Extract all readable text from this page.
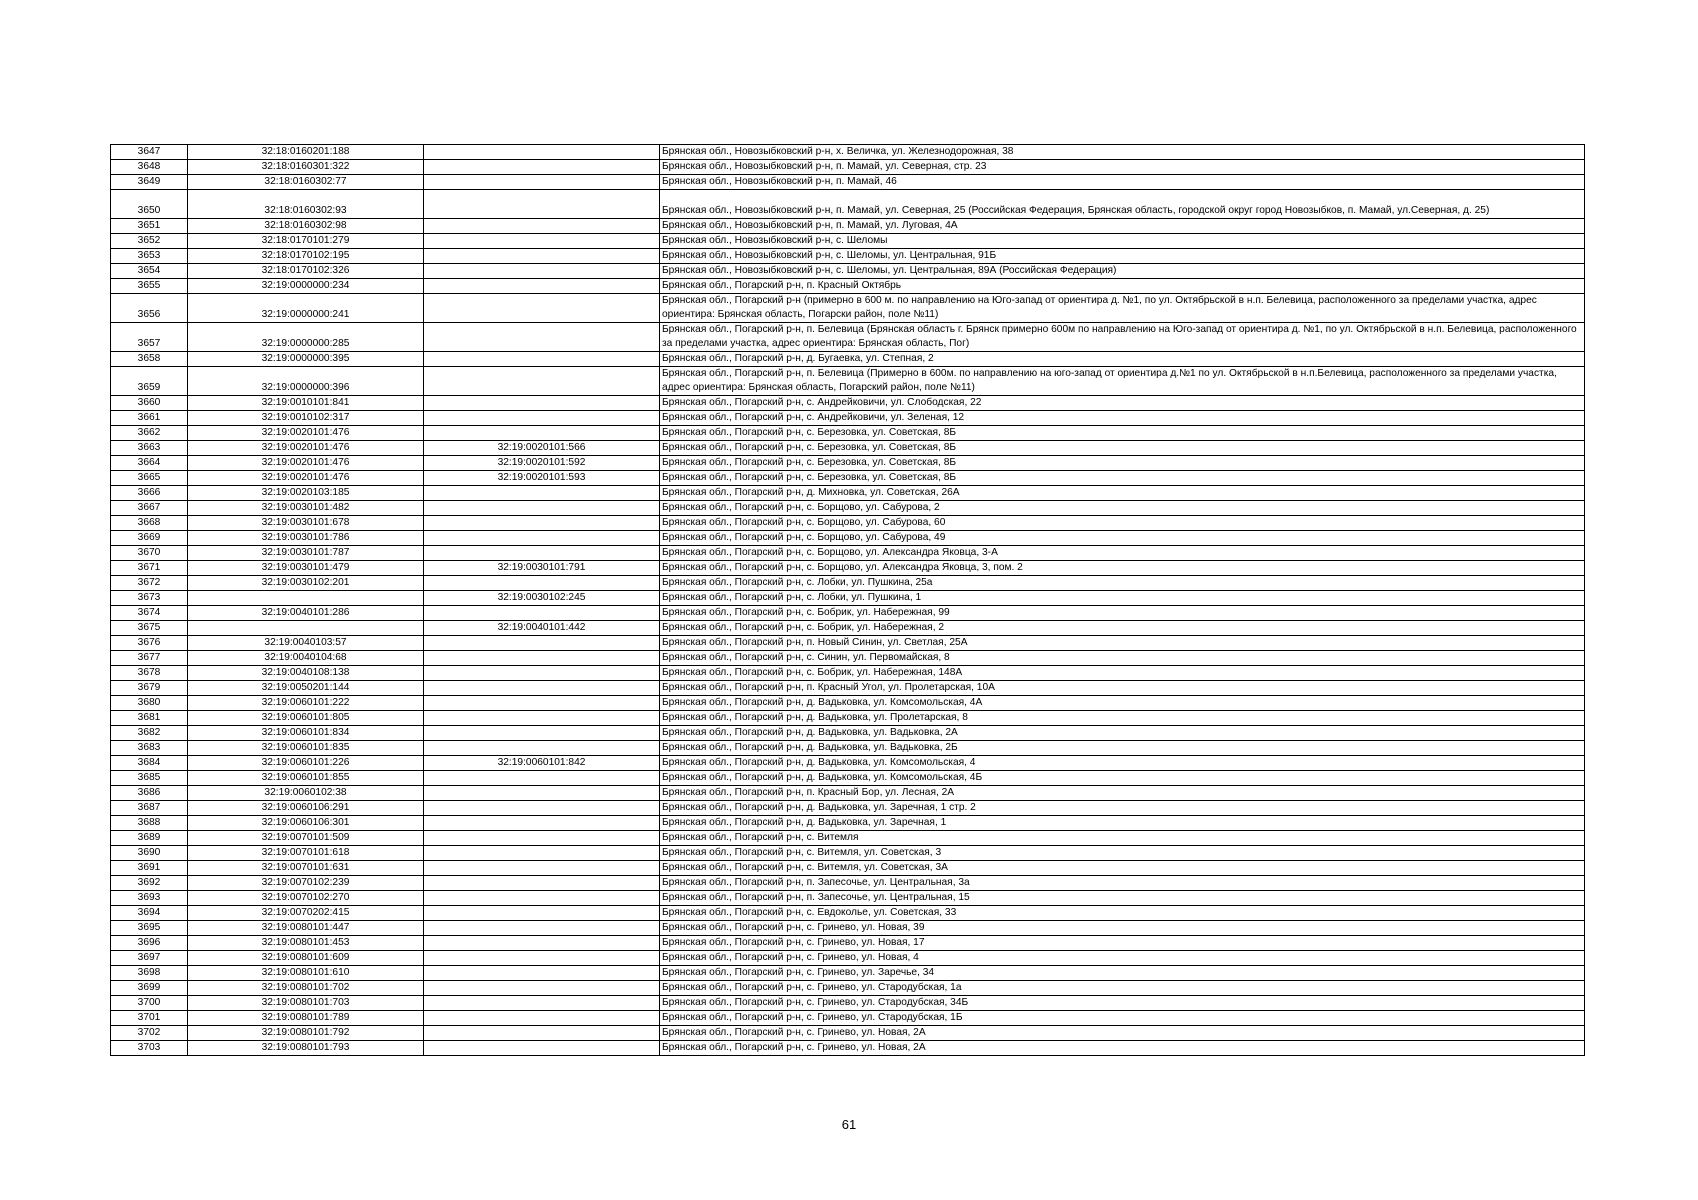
3647	32:18:0160201:188		Брянская обл., Новозыбковский р-н, х. Величка, ул. Железнодорожная, 38
3648	32:18:0160301:322		Брянская обл., Новозыбковский р-н, п. Мамай, ул. Северная, стр. 23
3649	32:18:0160302:77		Брянская обл., Новозыбковский р-н, п. Мамай, 46
3650	32:18:0160302:93		Брянская обл., Новозыбковский р-н, п. Мамай, ул. Северная, 25 (Российская Федерация, Брянская область, городской округ город Новозыбков, п. Мамай, ул.Северная, д. 25)
3651	32:18:0160302:98		Брянская обл., Новозыбковский р-н, п. Мамай, ул. Луговая, 4А
3652	32:18:0170101:279		Брянская обл., Новозыбковский р-н, с. Шеломы
3653	32:18:0170102:195		Брянская обл., Новозыбковский р-н, с. Шеломы, ул. Центральная, 91Б
3654	32:18:0170102:326		Брянская обл., Новозыбковский р-н, с. Шеломы, ул. Центральная, 89А (Российская Федерация)
3655	32:19:0000000:234		Брянская обл., Погарский р-н, п. Красный Октябрь
3656	32:19:0000000:241		Брянская обл., Погарский р-н (примерно в 600 м. по направлению на Юго-запад от ориентира д. №1, по ул. Октябрьской в н.п. Белевица, расположенного за пределами участка, адрес ориентира: Брянская область, Погарски район, поле №11)
3657	32:19:0000000:285		Брянская обл., Погарский р-н, п. Белевица (Брянская область г. Брянск примерно 600м по направлению на Юго-запад от ориентира д. №1, по ул. Октябрьской в н.п. Белевица, расположенного за пределами участка, адрес ориентира: Брянская область, Пог)
3658	32:19:0000000:395		Брянская обл., Погарский р-н, д. Бугаевка, ул. Степная, 2
3659	32:19:0000000:396		Брянская обл., Погарский р-н, п. Белевица (Примерно в 600м. по направлению на юго-запад от ориентира д.№1 по ул. Октябрьской в н.п.Белевица, расположенного за пределами участка, адрес ориентира: Брянская область, Погарский район, поле №11)
3660	32:19:0010101:841		Брянская обл., Погарский р-н, с. Андрейковичи, ул. Слободская, 22
3661	32:19:0010102:317		Брянская обл., Погарский р-н, с. Андрейковичи, ул. Зеленая, 12
3662	32:19:0020101:476		Брянская обл., Погарский р-н, с. Березовка, ул. Советская, 8Б
3663	32:19:0020101:476	32:19:0020101:566	Брянская обл., Погарский р-н, с. Березовка, ул. Советская, 8Б
3664	32:19:0020101:476	32:19:0020101:592	Брянская обл., Погарский р-н, с. Березовка, ул. Советская, 8Б
3665	32:19:0020101:476	32:19:0020101:593	Брянская обл., Погарский р-н, с. Березовка, ул. Советская, 8Б
3666	32:19:0020103:185		Брянская обл., Погарский р-н, д. Михновка, ул. Советская, 26А
3667	32:19:0030101:482		Брянская обл., Погарский р-н, с. Борщово, ул. Сабурова, 2
3668	32:19:0030101:678		Брянская обл., Погарский р-н, с. Борщово, ул. Сабурова, 60
3669	32:19:0030101:786		Брянская обл., Погарский р-н, с. Борщово, ул. Сабурова, 49
3670	32:19:0030101:787		Брянская обл., Погарский р-н, с. Борщово, ул. Александра Яковца, 3-А
3671	32:19:0030101:479	32:19:0030101:791	Брянская обл., Погарский р-н, с. Борщово, ул. Александра Яковца, 3, пом. 2
3672	32:19:0030102:201		Брянская обл., Погарский р-н, с. Лобки, ул. Пушкина, 25а
3673		32:19:0030102:245	Брянская обл., Погарский р-н, с. Лобки, ул. Пушкина, 1
3674	32:19:0040101:286		Брянская обл., Погарский р-н, с. Бобрик, ул. Набережная, 99
3675		32:19:0040101:442	Брянская обл., Погарский р-н, с. Бобрик, ул. Набережная, 2
3676	32:19:0040103:57		Брянская обл., Погарский р-н, п. Новый Синин, ул. Светлая, 25А
3677	32:19:0040104:68		Брянская обл., Погарский р-н, с. Синин, ул. Первомайская, 8
3678	32:19:0040108:138		Брянская обл., Погарский р-н, с. Бобрик, ул. Набережная, 148А
3679	32:19:0050201:144		Брянская обл., Погарский р-н, п. Красный Угол, ул. Пролетарская, 10А
3680	32:19:0060101:222		Брянская обл., Погарский р-н, д. Вадьковка, ул. Комсомольская, 4А
3681	32:19:0060101:805		Брянская обл., Погарский р-н, д. Вадьковка, ул. Пролетарская, 8
3682	32:19:0060101:834		Брянская обл., Погарский р-н, д. Вадьковка, ул. Вадьковка, 2А
3683	32:19:0060101:835		Брянская обл., Погарский р-н, д. Вадьковка, ул. Вадьковка, 2Б
3684	32:19:0060101:226	32:19:0060101:842	Брянская обл., Погарский р-н, д. Вадьковка, ул. Комсомольская, 4
3685	32:19:0060101:855		Брянская обл., Погарский р-н, д. Вадьковка, ул. Комсомольская, 4Б
3686	32:19:0060102:38		Брянская обл., Погарский р-н, п. Красный Бор, ул. Лесная, 2А
3687	32:19:0060106:291		Брянская обл., Погарский р-н, д. Вадьковка, ул. Заречная, 1 стр. 2
3688	32:19:0060106:301		Брянская обл., Погарский р-н, д. Вадьковка, ул. Заречная, 1
3689	32:19:0070101:509		Брянская обл., Погарский р-н, с. Витемля
3690	32:19:0070101:618		Брянская обл., Погарский р-н, с. Витемля, ул. Советская, 3
3691	32:19:0070101:631		Брянская обл., Погарский р-н, с. Витемля, ул. Советская, 3А
3692	32:19:0070102:239		Брянская обл., Погарский р-н, п. Запесочье, ул. Центральная, 3а
3693	32:19:0070102:270		Брянская обл., Погарский р-н, п. Запесочье, ул. Центральная, 15
3694	32:19:0070202:415		Брянская обл., Погарский р-н, с. Евдоколье, ул. Советская, 33
3695	32:19:0080101:447		Брянская обл., Погарский р-н, с. Гринево, ул. Новая, 39
3696	32:19:0080101:453		Брянская обл., Погарский р-н, с. Гринево, ул. Новая, 17
3697	32:19:0080101:609		Брянская обл., Погарский р-н, с. Гринево, ул. Новая, 4
3698	32:19:0080101:610		Брянская обл., Погарский р-н, с. Гринево, ул. Заречье, 34
3699	32:19:0080101:702		Брянская обл., Погарский р-н, с. Гринево, ул. Стародубская, 1а
3700	32:19:0080101:703		Брянская обл., Погарский р-н, с. Гринево, ул. Стародубская, 34Б
3701	32:19:0080101:789		Брянская обл., Погарский р-н, с. Гринево, ул. Стародубская, 1Б
3702	32:19:0080101:792		Брянская обл., Погарский р-н, с. Гринево, ул. Новая, 2А
3703	32:19:0080101:793		Брянская обл., Погарский р-н, с. Гринево, ул. Новая, 2А
61
